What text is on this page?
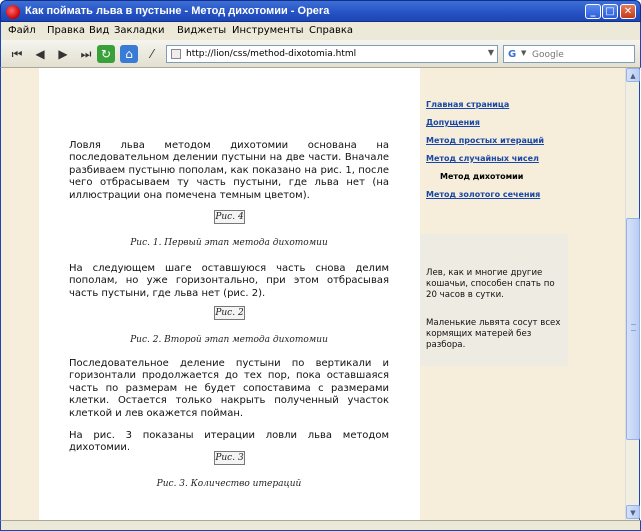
Как поймать льва в пустыне - Метод дихотомии - Opera	_ □ ✕
Файл Правка Вид Закладки Виджеты Инструменты Справка
⏮	◀	▶	⏭ ↻	⌂	⁄	http://lion/css/method-dixotomia.html	▼ G ▼
Google

Ловля льва методом дихотомии основана на последовательном делении пустыни на две части. Вначале разбиваем пустыню пополам, как показано на рис. 1, после чего отбрасываем ту часть пустыни, где льва нет (на иллюстрации она помечена темным цветом).

Рис. 4
Рис. 1. Первый этап метода дихотомии

На следующем шаге оставшуюся часть снова делим пополам, но уже горизонтально, при этом отбрасывая часть пустыни, где льва нет (рис. 2).

Рис. 2
Рис. 2. Второй этап метода дихотомии

Последовательное деление пустыни по вертикали и горизонтали продолжается до тех пор, пока оставшаяся часть по размерам не будет сопоставима с размерами клетки. Остается только накрыть полученный участок клеткой и лев окажется пойман.

На рис. 3 показаны итерации ловли льва методом дихотомии.

Рис. 3
Рис. 3. Количество итераций
Главная страница
Допущения
Метод простых итераций
Метод случайных чисел
Метод дихотомии
Метод золотого сечения

Лев, как и многие другие кошачьи, способен спать по 20 часов в сутки.

Маленькие львята сосут всех кормящих матерей без разбора.

▲
▼
